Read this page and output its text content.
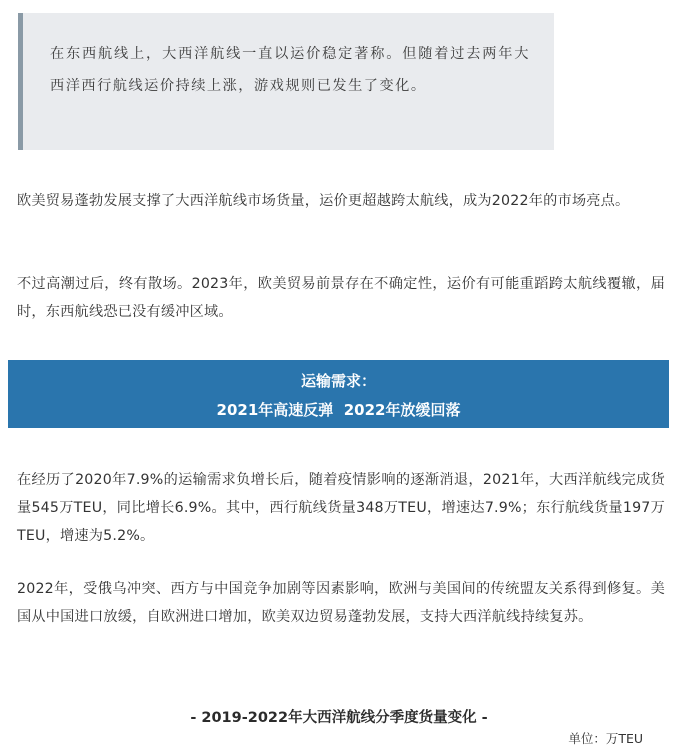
在东西航线上，大西洋航线一直以运价稳定著称。但随着过去两年大西洋西行航线运价持续上涨，游戏规则已发生了变化。

欧美贸易蓬勃发展支撑了大西洋航线市场货量，运价更超越跨太航线，成为2022年的市场亮点。

不过高潮过后，终有散场。2023年，欧美贸易前景存在不确定性，运价有可能重蹈跨太航线覆辙，届时，东西航线恐已没有缓冲区域。

运输需求：
2021年高速反弹  2022年放缓回落

在经历了2020年7.9%的运输需求负增长后，随着疫情影响的逐渐消退，2021年，大西洋航线完成货量545万TEU，同比增长6.9%。其中，西行航线货量348万TEU，增速达7.9%；东行航线货量197万TEU，增速为5.2%。

2022年，受俄乌冲突、西方与中国竞争加剧等因素影响，欧洲与美国间的传统盟友关系得到修复。美国从中国进口放缓，自欧洲进口增加，欧美双边贸易蓬勃发展，支持大西洋航线持续复苏。

- 2019-2022年大西洋航线分季度货量变化 -
单位：万TEU
